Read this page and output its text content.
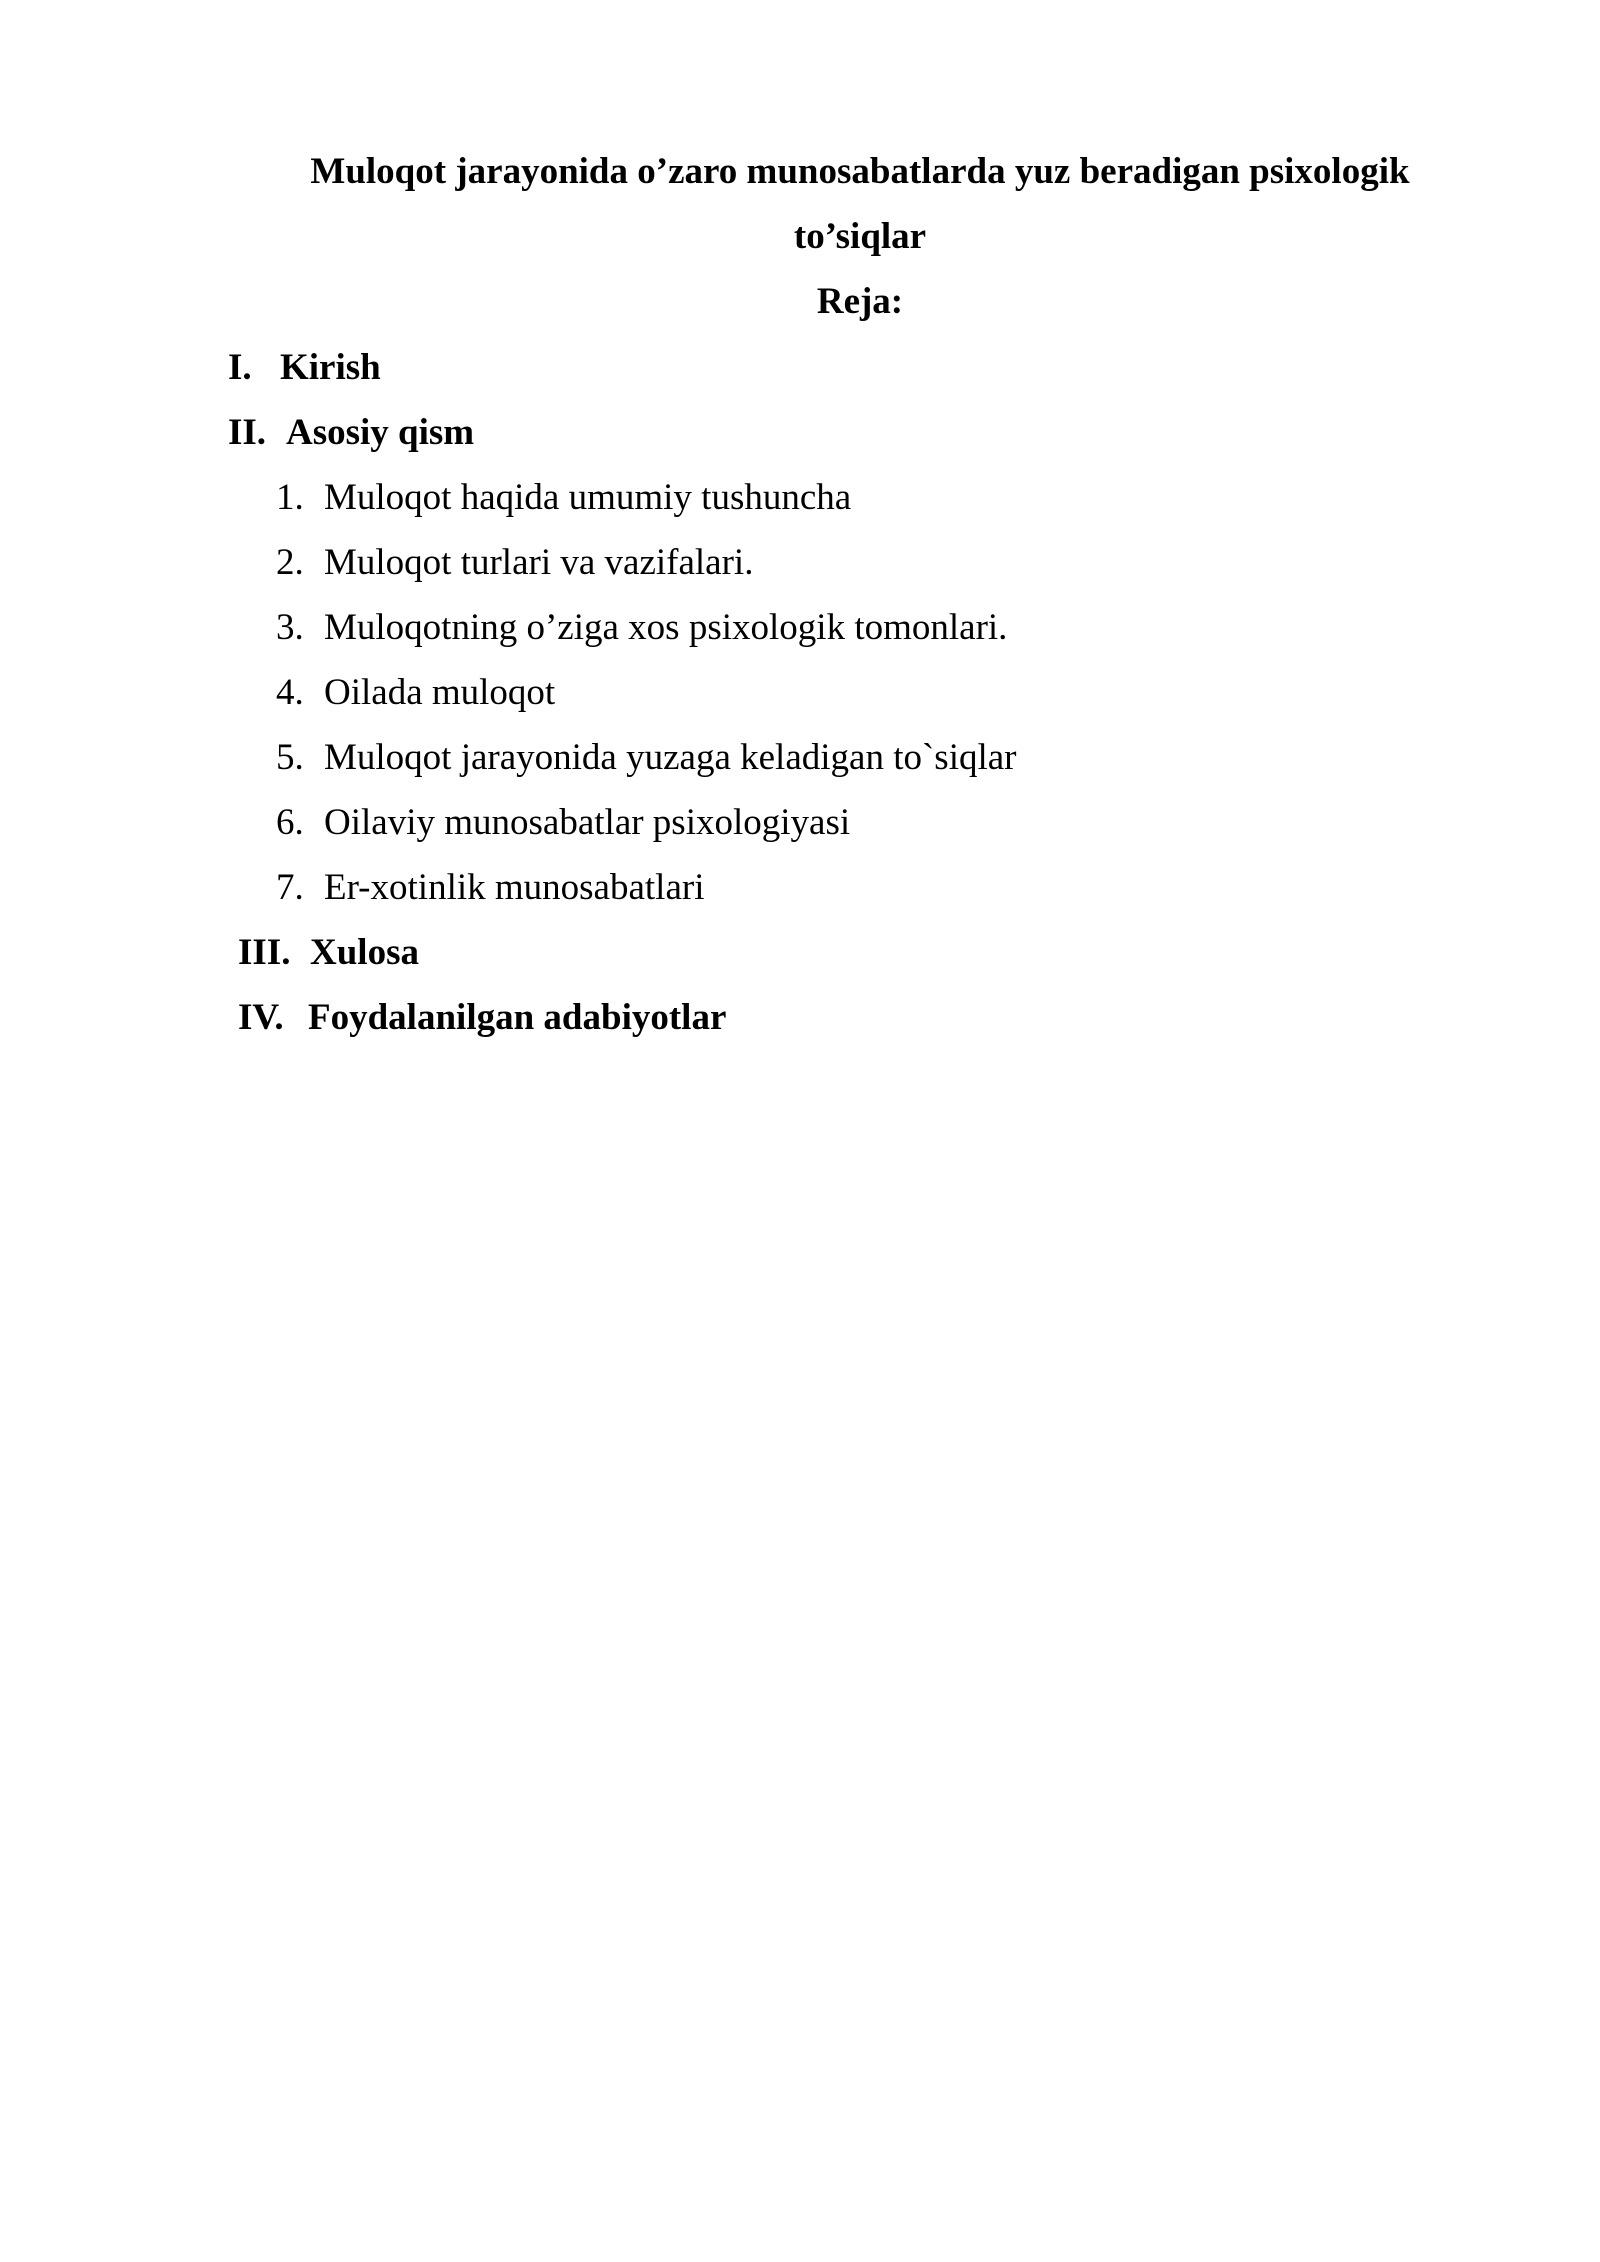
Muloqot jarayonida o’zaro munosabatlarda yuz beradigan psixologik
to’siqlar
Reja:
I. Kirish
II. Asosiy qism
1. Muloqot haqida umumiy tushuncha
2. Muloqot turlari va vazifalari.
3. Muloqotning o’ziga xos psixologik tomonlari.
4. Oilada muloqot
5. Muloqot jarayonida yuzaga keladigan to`siqlar
6. Oilaviy munosabatlar psixologiyasi
7. Er-xotinlik munosabatlari
III. Xulosa
IV. Foydalanilgan adabiyotlar
